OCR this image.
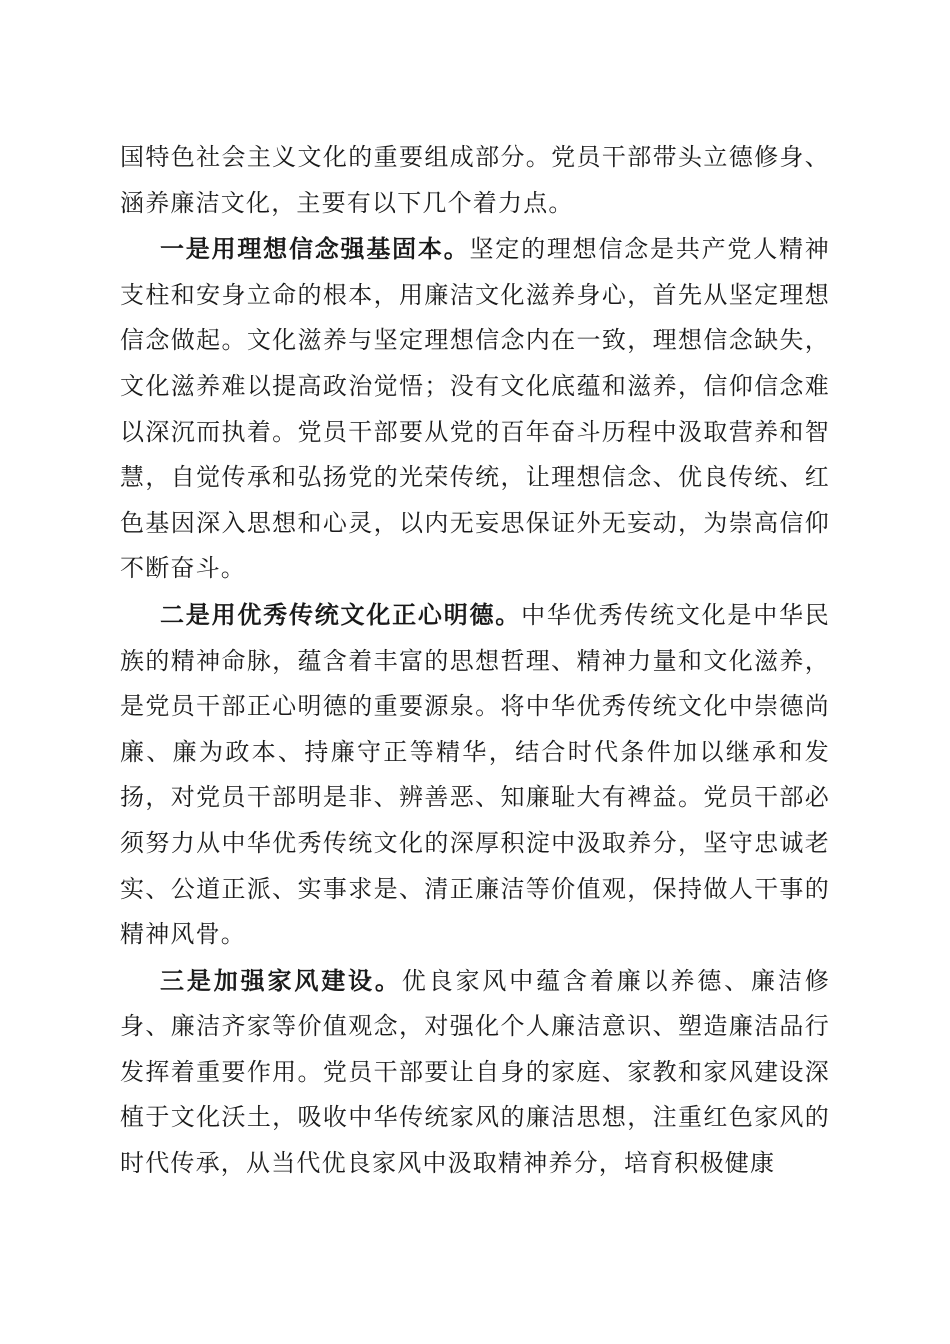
国特色社会主义文化的重要组成部分。党员干部带头立德修身、涵养廉洁文化，主要有以下几个着力点。

一是用理想信念强基固本。坚定的理想信念是共产党人精神支柱和安身立命的根本，用廉洁文化滋养身心，首先从坚定理想信念做起。文化滋养与坚定理想信念内在一致，理想信念缺失，文化滋养难以提高政治觉悟；没有文化底蕴和滋养，信仰信念难以深沉而执着。党员干部要从党的百年奋斗历程中汲取营养和智慧，自觉传承和弘扬党的光荣传统，让理想信念、优良传统、红色基因深入思想和心灵，以内无妄思保证外无妄动，为崇高信仰不断奋斗。

二是用优秀传统文化正心明德。中华优秀传统文化是中华民族的精神命脉，蕴含着丰富的思想哲理、精神力量和文化滋养，是党员干部正心明德的重要源泉。将中华优秀传统文化中崇德尚廉、廉为政本、持廉守正等精华，结合时代条件加以继承和发扬，对党员干部明是非、辨善恶、知廉耻大有裨益。党员干部必须努力从中华优秀传统文化的深厚积淀中汲取养分，坚守忠诚老实、公道正派、实事求是、清正廉洁等价值观，保持做人干事的精神风骨。

三是加强家风建设。优良家风中蕴含着廉以养德、廉洁修身、廉洁齐家等价值观念，对强化个人廉洁意识、塑造廉洁品行发挥着重要作用。党员干部要让自身的家庭、家教和家风建设深植于文化沃土，吸收中华传统家风的廉洁思想，注重红色家风的时代传承，从当代优良家风中汲取精神养分，培育积极健康
